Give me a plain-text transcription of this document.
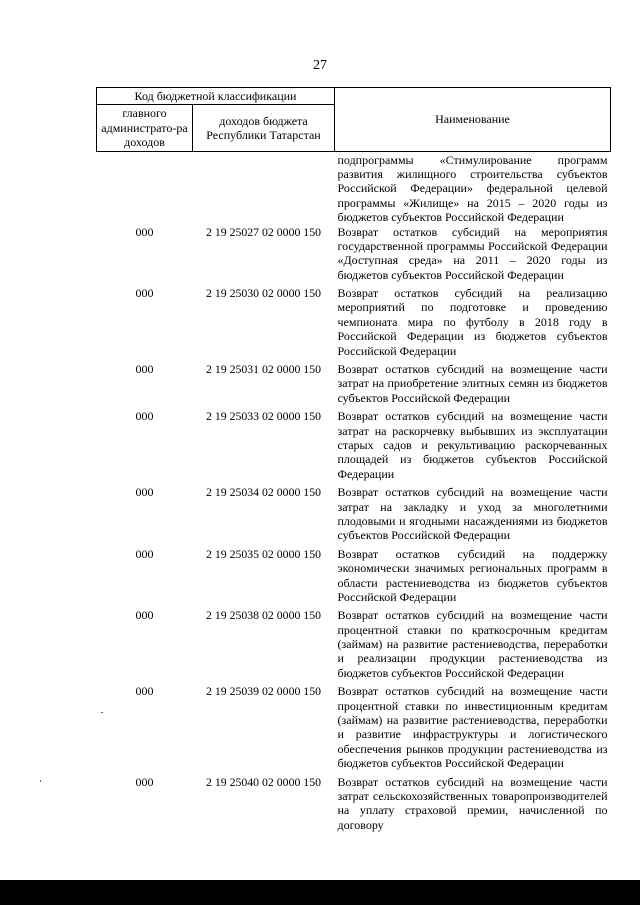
27
Код бюджетной классификации		Наименование
главного администрато-ра доходов	доходов бюджета Республики Татарстан	
		подпрограммы «Стимулирование программ развития жилищного строительства субъектов Российской Федерации» федеральной целевой программы «Жилище» на 2015 – 2020 годы из бюджетов субъектов Российской Федерации
000	2 19 25027 02 0000 150	Возврат остатков субсидий на мероприятия государственной программы Российской Федерации «Доступная среда» на 2011 – 2020 годы из бюджетов субъектов Российской Федерации
000	2 19 25030 02 0000 150	Возврат остатков субсидий на реализацию мероприятий по подготовке и проведению чемпионата мира по футболу в 2018 году в Российской Федерации из бюджетов субъектов Российской Федерации
000	2 19 25031 02 0000 150	Возврат остатков субсидий на возмещение части затрат на приобретение элитных семян из бюджетов субъектов Российской Федерации
000	2 19 25033 02 0000 150	Возврат остатков субсидий на возмещение части затрат на раскорчевку выбывших из эксплуатации старых садов и рекультивацию раскорчеванных площадей из бюджетов субъектов Российской Федерации
000	2 19 25034 02 0000 150	Возврат остатков субсидий на возмещение части затрат на закладку и уход за многолетними плодовыми и ягодными насаждениями из бюджетов субъектов Российской Федерации
000	2 19 25035 02 0000 150	Возврат остатков субсидий на поддержку экономически значимых региональных программ в области растениеводства из бюджетов субъектов Российской Федерации
000	2 19 25038 02 0000 150	Возврат остатков субсидий на возмещение части процентной ставки по краткосрочным кредитам (займам) на развитие растениеводства, переработки и реализации продукции растениеводства из бюджетов субъектов Российской Федерации
000	2 19 25039 02 0000 150	Возврат остатков субсидий на возмещение части процентной ставки по инвестиционным кредитам (займам) на развитие растениеводства, переработки и развитие инфраструктуры и логистического обеспечения рынков продукции растениеводства из бюджетов субъектов Российской Федерации
000	2 19 25040 02 0000 150	Возврат остатков субсидий на возмещение части затрат сельскохозяйственных товаропроизводителей на уплату страховой премии, начисленной по договору
